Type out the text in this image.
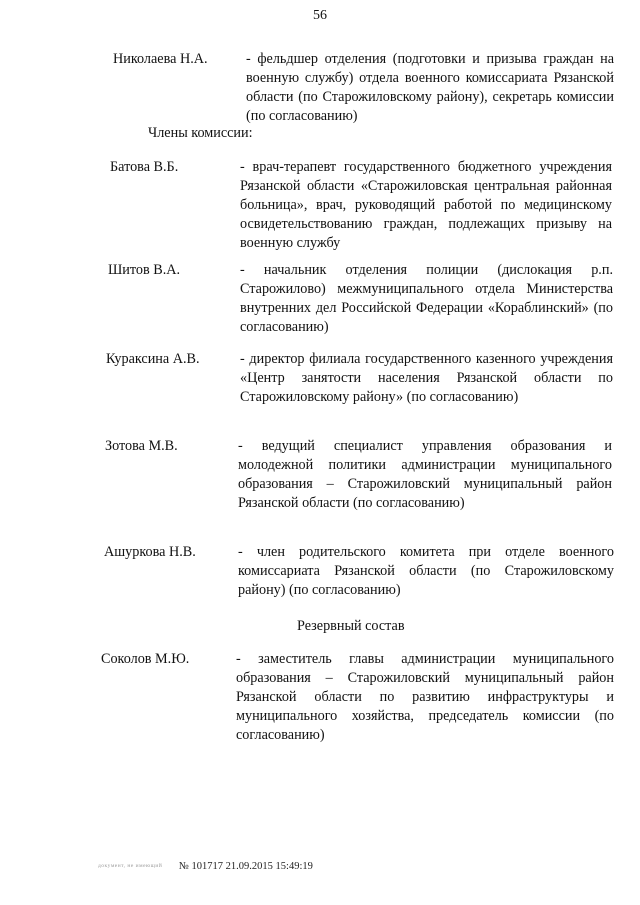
56
Николаева Н.А.	- фельдшер отделения (подготовки и призыва граждан на военную службу) отдела военного комиссариата Рязанской области (по Старожиловскому району), секретарь комиссии (по согласованию)
Члены комиссии:
Батова В.Б.	- врач-терапевт государственного бюджетного учреждения Рязанской области «Старожиловская центральная районная больница», врач, руководящий работой по медицинскому освидетельствованию граждан, подлежащих призыву на военную службу
Шитов В.А.	- начальник отделения полиции (дислокация р.п. Старожилово) межмуниципального отдела Министерства внутренних дел Российской Федерации «Кораблинский» (по согласованию)
Кураксина А.В.	- директор филиала государственного казенного учреждения «Центр занятости населения Рязанской области по Старожиловскому району» (по согласованию)
Зотова М.В.	- ведущий специалист управления образования и молодежной политики администрации муниципального образования – Старожиловский муниципальный район Рязанской области (по согласованию)
Ашуркова Н.В.	- член родительского комитета при отделе военного комиссариата Рязанской области (по Старожиловскому району) (по согласованию)
Резервный состав
Соколов М.Ю.	- заместитель главы администрации муниципального образования – Старожиловский муниципальный район Рязанской области по развитию инфраструктуры и муниципального хозяйства, председатель комиссии (по согласованию)
документ, не имеющий № 101717 21.09.2015 15:49:19
